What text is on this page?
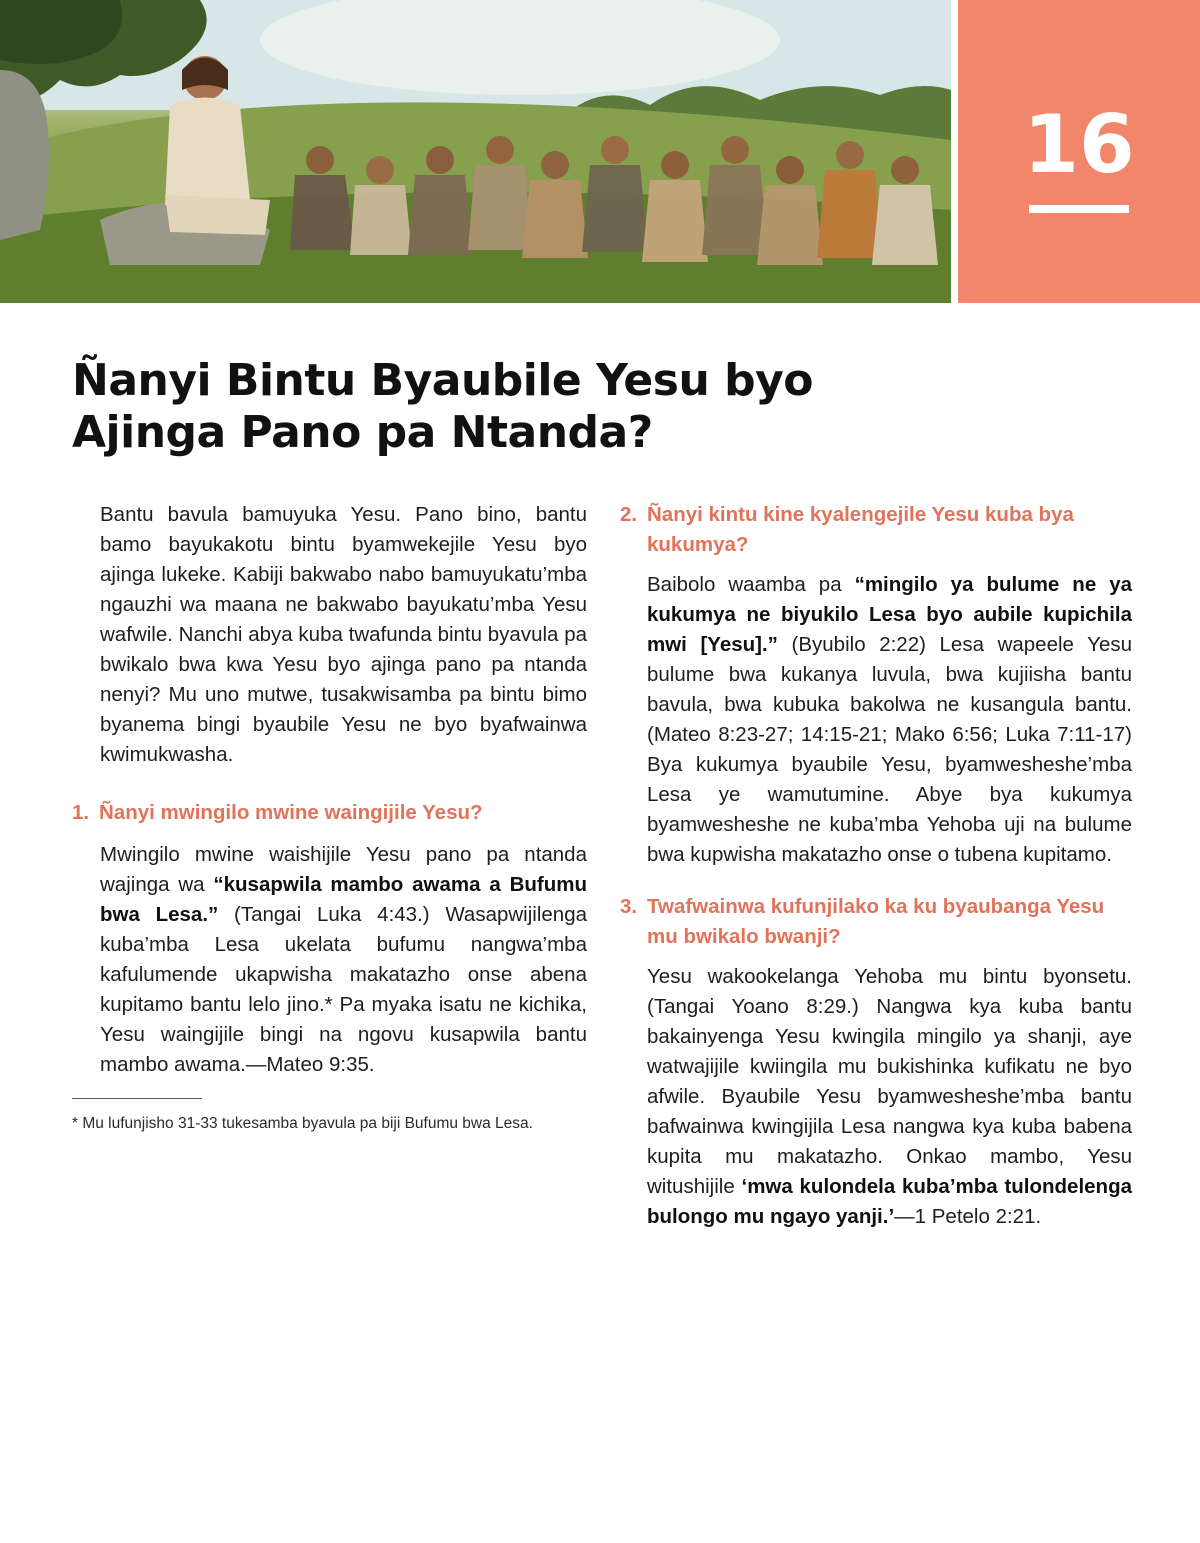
16
Ñanyi Bintu Byaubile Yesu byo Ajinga Pano pa Ntanda?

Bantu bavula bamuyuka Yesu. Pano bino, bantu bamo bayukakotu bintu byamwekejile Yesu byo ajinga lukeke. Kabiji bakwabo nabo bamuyukatu’mba ngauzhi wa maana ne bakwabo bayukatu’mba Yesu wafwile. Nanchi abya kuba twafunda bintu byavula pa bwikalo bwa kwa Yesu byo ajinga pano pa ntanda nenyi? Mu uno mutwe, tusakwisamba pa bintu bimo byanema bingi byaubile Yesu ne byo byafwainwa kwimukwasha.

1. Ñanyi mwingilo mwine waingijile Yesu?

Mwingilo mwine waishijile Yesu pano pa ntanda wajinga wa “kusapwila mambo awama a Bufumu bwa Lesa.” (Tangai Luka 4:43.) Wasapwijilenga kuba’mba Lesa ukelata bufumu nangwa’mba kafulumende ukapwisha makatazho onse abena kupitamo bantu lelo jino.* Pa myaka isatu ne kichika, Yesu waingijile bingi na ngovu kusapwila bantu mambo awama.—Mateo 9:35.

* Mu lufunjisho 31-33 tukesamba byavula pa biji Bufumu bwa Lesa.

2. Ñanyi kintu kine kyalengejile Yesu kuba bya kukumya?

Baibolo waamba pa “mingilo ya bulume ne ya kukumya ne biyukilo Lesa byo aubile kupichila mwi [Yesu].” (Byubilo 2:22) Lesa wapeele Yesu bulume bwa kukanya luvula, bwa kujiisha bantu bavula, bwa kubuka bakolwa ne kusangula bantu. (Mateo 8:23-27; 14:15-21; Mako 6:56; Luka 7:11-17) Bya kukumya byaubile Yesu, byamwesheshe’mba Lesa ye wamutumine. Abye bya kukumya byamwesheshe ne kuba’mba Yehoba uji na bulume bwa kupwisha makatazho onse o tubena kupitamo.

3. Twafwainwa kufunjilako ka ku byaubanga Yesu mu bwikalo bwanji?

Yesu wakookelanga Yehoba mu bintu byonsetu. (Tangai Yoano 8:29.) Nangwa kya kuba bantu bakainyenga Yesu kwingila mingilo ya shanji, aye watwajijile kwiingila mu bukishinka kufikatu ne byo afwile. Byaubile Yesu byamwesheshe’mba bantu bafwainwa kwingijila Lesa nangwa kya kuba babena kupita mu makatazho. Onkao mambo, Yesu witushijile ‘mwa kulondela kuba’mba tulondelenga bulongo mu ngayo yanji.’—1 Petelo 2:21.
